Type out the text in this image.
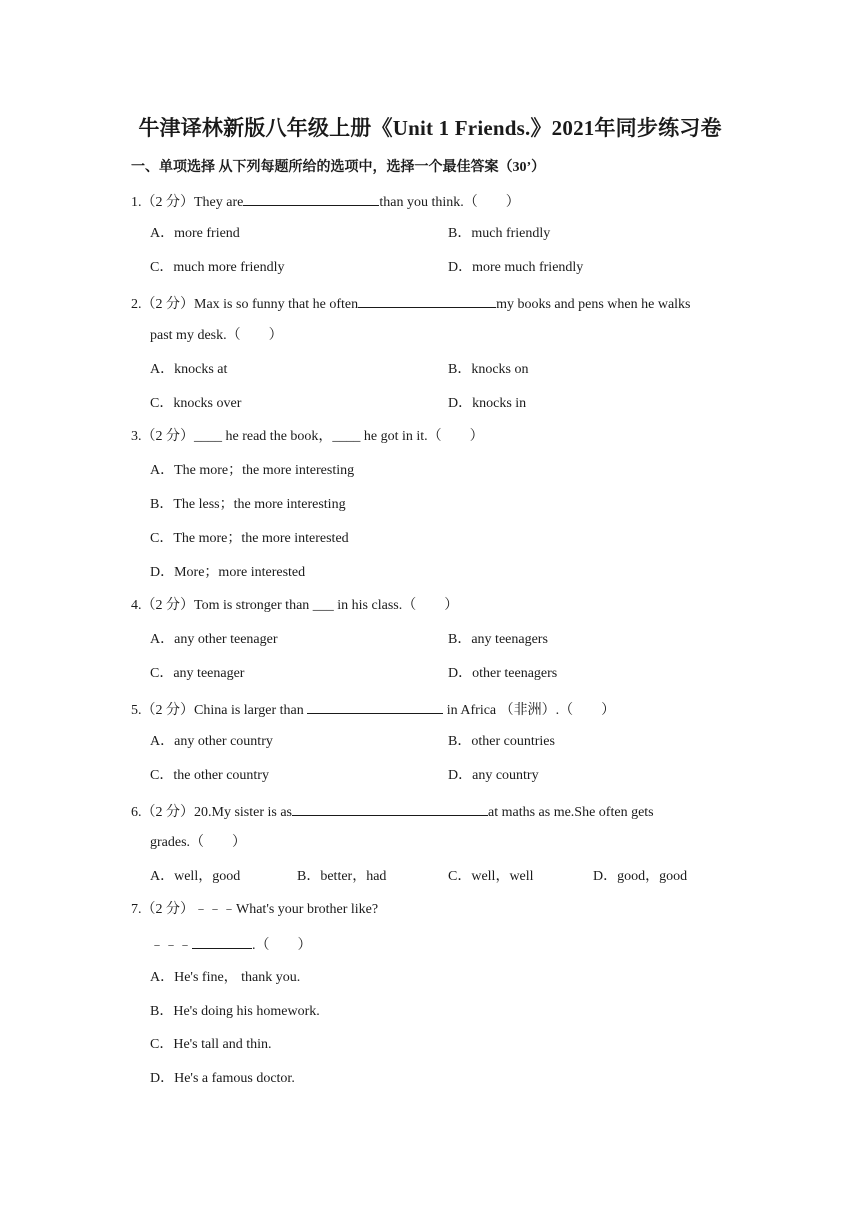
牛津译林新版八年级上册《Unit 1 Friends.》2021年同步练习卷
一、单项选择 从下列每题所给的选项中，选择一个最佳答案（30’）
1.（2 分）They are	than you think.（　　）
A．more friend	B．much friendly
C．much more friendly	D．more much friendly
2.（2 分）Max is so funny that he often	my books and pens when he walks
past my desk.（　　）
A．knocks at	B．knocks on
C．knocks over	D．knocks in
3.（2 分）____ he read the book，____ he got in it.（　　）
A．The more；the more interesting
B．The less；the more interesting
C．The more；the more interested
D．More；more interested
4.（2 分）Tom is stronger than ___ in his class.（　　）
A．any other teenager	B．any teenagers
C．any teenager	D．other teenagers
5.（2 分）China is larger than	in Africa （非洲）.（　　）
A．any other country	B．other countries
C．the other country	D．any country
6.（2 分）20.My sister is as	at maths as me.She often gets
grades.（　　）
A．well，good	B．better，had	C．well，well	D．good，good
7.（2 分）﹣﹣﹣What's your brother like?
﹣﹣﹣	.（　　）
A．He's fine， thank you.
B．He's doing his homework.
C．He's tall and thin.
D．He's a famous doctor.
